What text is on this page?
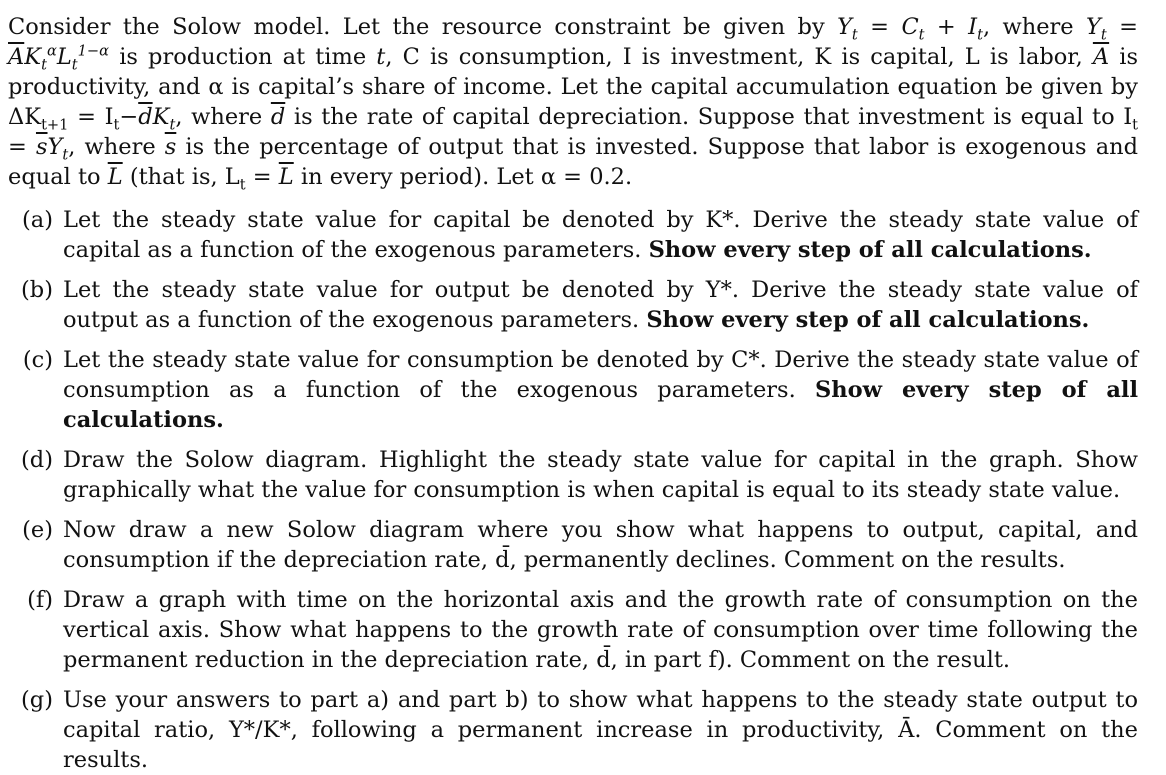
Consider the Solow model. Let the resource constraint be given by $Y_t = C_t + I_t$, where $Y_t = \overline{A}K_t^\alpha L_t^{1-\alpha}$ is production at time t, C is consumption, I is investment, K is capital, L is labor, $\overline{A}$ is productivity, and α is capital’s share of income. Let the capital accumulation equation be given by $\Delta K_{t+1} = I_t-\overline{d}K_t$, where $\overline{d}$ is the rate of capital depreciation. Suppose that investment is equal to $I_t = \overline{s}Y_t$, where $\overline{s}$ is the percentage of output that is invested. Suppose that labor is exogenous and equal to $\overline{L}$ (that is, $L_t = \overline{L}$ in every period). Let α = 0.2.

(a) Let the steady state value for capital be denoted by K*. Derive the steady state value of capital as a function of the exogenous parameters. Show every step of all calculations.
(b) Let the steady state value for output be denoted by Y*. Derive the steady state value of output as a function of the exogenous parameters. Show every step of all calculations.
(c) Let the steady state value for consumption be denoted by C*. Derive the steady state value of consumption as a function of the exogenous parameters. Show every step of all calculations.
(d) Draw the Solow diagram. Highlight the steady state value for capital in the graph. Show graphically what the value for consumption is when capital is equal to its steady state value.
(e) Now draw a new Solow diagram where you show what happens to output, capital, and consumption if the depreciation rate, d̄, permanently declines. Comment on the results.
(f) Draw a graph with time on the horizontal axis and the growth rate of consumption on the vertical axis. Show what happens to the growth rate of consumption over time following the permanent reduction in the depreciation rate, d̄, in part f). Comment on the result.
(g) Use your answers to part a) and part b) to show what happens to the steady state output to capital ratio, Y*/K*, following a permanent increase in productivity, Ā. Comment on the results.
